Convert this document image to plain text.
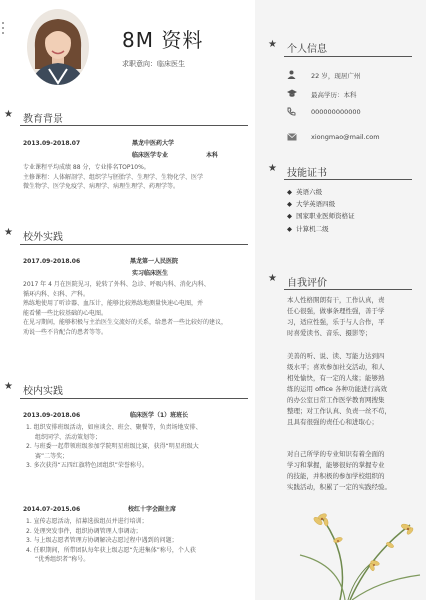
8M 资料
求职意向：临床医生
★ 教育背景
2013.09-2018.07	黑龙中医药大学
临床医学专业	本科
专业课程平均成绩 88 分，专业排名TOP10%。
主修课程：人体解剖学、组织学与胚胎学、生理学、生物化学、医学
微生物学、医学免疫学、病理学、病理生理学、药理学等。
★ 校外实践
2017.09-2018.06	黑龙第一人民医院
实习临床医生
2017 年 4 月在医院见习，轮转了外科、急诊、呼吸内科、消化内科、
循环内科、妇科、产科。
熟练地使用了听诊器、血压计，能够比较熟练地测量快速心电图，并
能看懂一些比较基础的心电图。
在见习期间，能够积极与主治医生交流好的关系，给患者一些比较好的建议，
劝说一些不肯配合的患者等等。
★ 校内实践
2013.09-2018.06	临床医学（1）班班长
1. 组织安排班级活动，如座谈会、班会、聚餐等，负责场地安排、
组织同学、活动策划等；
2. 与班委一起带领班级参加学院明星班级比赛，获得“明星班级大
赛”二等奖；
3. 多次获得“五四红旗特色团组织”荣誉称号。
2014.07-2015.06	校红十字会副主席
1. 宣传志愿活动，招募选拔组员并进行培训；
2. 处理突发事件，组织协调管理人事调动；
3. 与上级志愿者管理方协调解决志愿过程中遇到的问题；
4. 任职期间，所带团队每年获上级志愿“先进集体”称号，个人获
“优秀组织者”称号。
★ 个人信息
22 岁，现居广州
最高学历：本科
000000000000
xiongmao@mail.com
★ 技能证书
◆  英语六级
◆  大学英语四级
◆  国家职业医师资格证
◆  计算机二级
★ 自我评价
本人性格開朗有干，工作认真，责
任心很强，做事条理性强，善于学
习，适应性强，乐于与人合作，平
时喜爱读书、音乐、摄影等；
美善的听、说、读、写能力达到四
级水平；喜欢参加社交活动，和人
相处愉快，有一定的人缘；能够熟
练的运用 office 各种功能进行高效
的办公室日常工作医学教育网搜集
整理；对工作认真、负责一丝不苟，
且具有很强的责任心和进取心；
对自己所学的专业知识有着全面的
学习和掌握，能够很好的掌握专业
的技能，并积极的参加学校组织的
实践活动，积累了一定的实践经验。
